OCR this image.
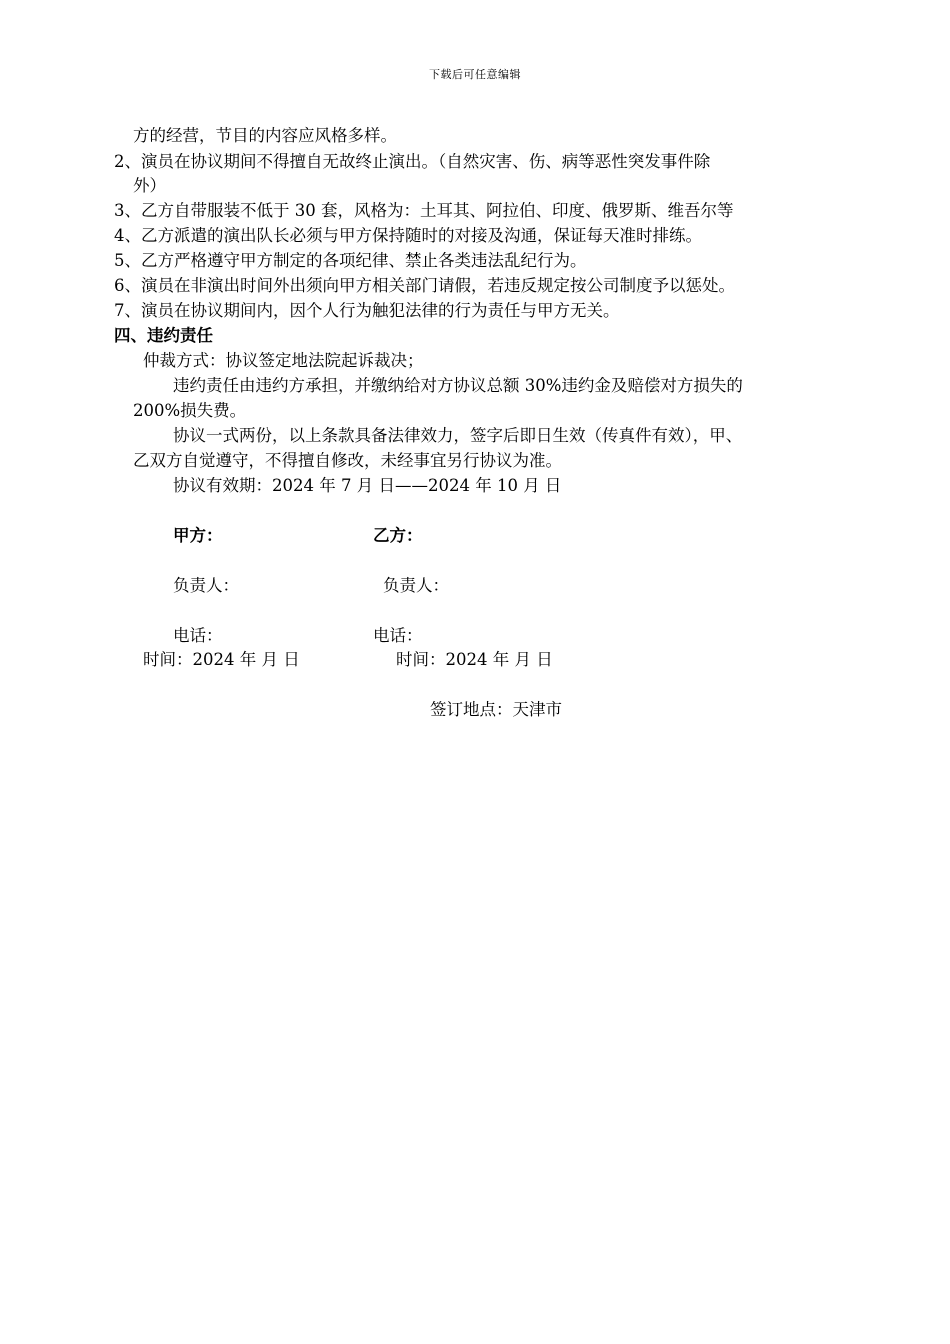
下载后可任意编辑
方的经营，节目的内容应风格多样。
2、演员在协议期间不得擅自无故终止演出。（自然灾害、伤、病等恶性突发事件除
外）
3、乙方自带服装不低于 30 套，风格为：土耳其、阿拉伯、印度、俄罗斯、维吾尔等
4、乙方派遣的演出队长必须与甲方保持随时的对接及沟通，保证每天准时排练。
5、乙方严格遵守甲方制定的各项纪律、禁止各类违法乱纪行为。
6、演员在非演出时间外出须向甲方相关部门请假，若违反规定按公司制度予以惩处。
7、演员在协议期间内，因个人行为触犯法律的行为责任与甲方无关。
四、违约责任
仲裁方式：协议签定地法院起诉裁决；
违约责任由违约方承担，并缴纳给对方协议总额 30%违约金及赔偿对方损失的
200%损失费。
协议一式两份，以上条款具备法律效力，签字后即日生效（传真件有效），甲、
乙双方自觉遵守，不得擅自修改，未经事宜另行协议为准。
协议有效期：2024 年 7 月 日——2024 年 10 月 日
甲方：	乙方：
负责人：	负责人：
电话：	电话：
时间：2024 年 月 日	时间：2024 年 月 日
签订地点：天津市
